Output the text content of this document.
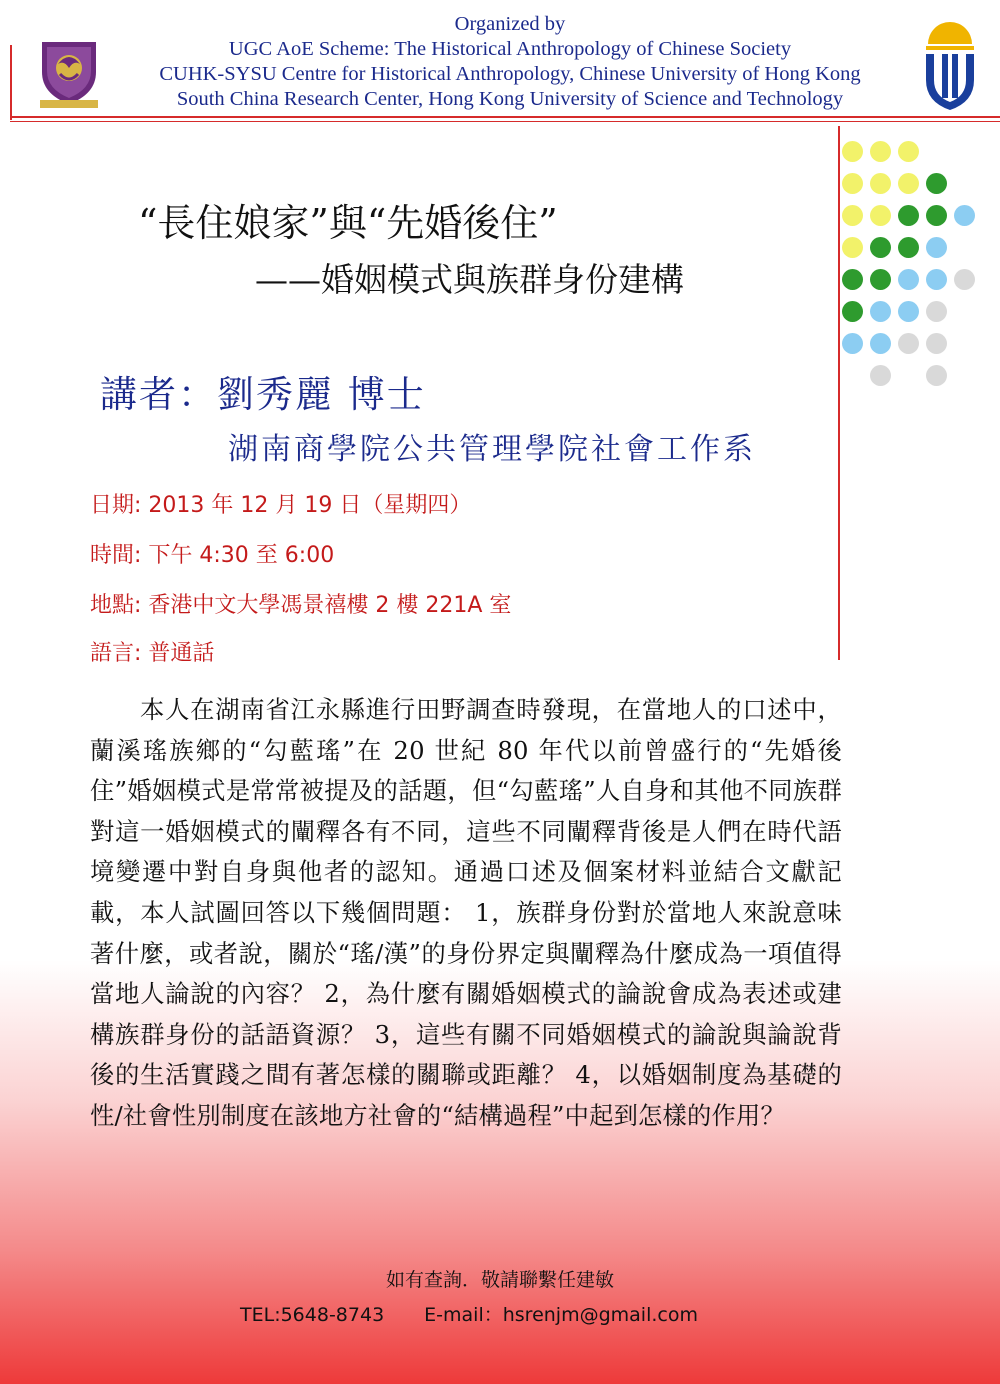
Organized by
UGC AoE Scheme: The Historical Anthropology of Chinese Society
CUHK-SYSU Centre for Historical Anthropology, Chinese University of Hong Kong
South China Research Center, Hong Kong University of Science and Technology
“長住娘家”與“先婚後住”
——婚姻模式與族群身份建構
講者：劉秀麗 博士
湖南商學院公共管理學院社會工作系
日期: 2013 年 12 月 19 日（星期四）
時間: 下午 4:30 至 6:00
地點: 香港中文大學馮景禧樓 2 樓 221A 室
語言: 普通話
本人在湖南省江永縣進行田野調查時發現，在當地人的口述中，蘭溪瑤族鄉的“勾藍瑤”在 20 世紀 80 年代以前曾盛行的“先婚後住”婚姻模式是常常被提及的話題，但“勾藍瑤”人自身和其他不同族群對這一婚姻模式的闡釋各有不同，這些不同闡釋背後是人們在時代語境變遷中對自身與他者的認知。通過口述及個案材料並結合文獻記載，本人試圖回答以下幾個問題： 1，族群身份對於當地人來說意味著什麼，或者說，關於“瑤/漢”的身份界定與闡釋為什麼成為一項值得當地人論說的內容？ 2，為什麼有關婚姻模式的論說會成為表述或建構族群身份的話語資源？ 3，這些有關不同婚姻模式的論說與論說背後的生活實踐之間有著怎樣的關聯或距離？ 4，以婚姻制度為基礎的性/社會性別制度在該地方社會的“結構過程”中起到怎樣的作用？
如有查詢．敬請聯繫任建敏
TEL:5648-8743 E-mail：hsrenjm@gmail.com
